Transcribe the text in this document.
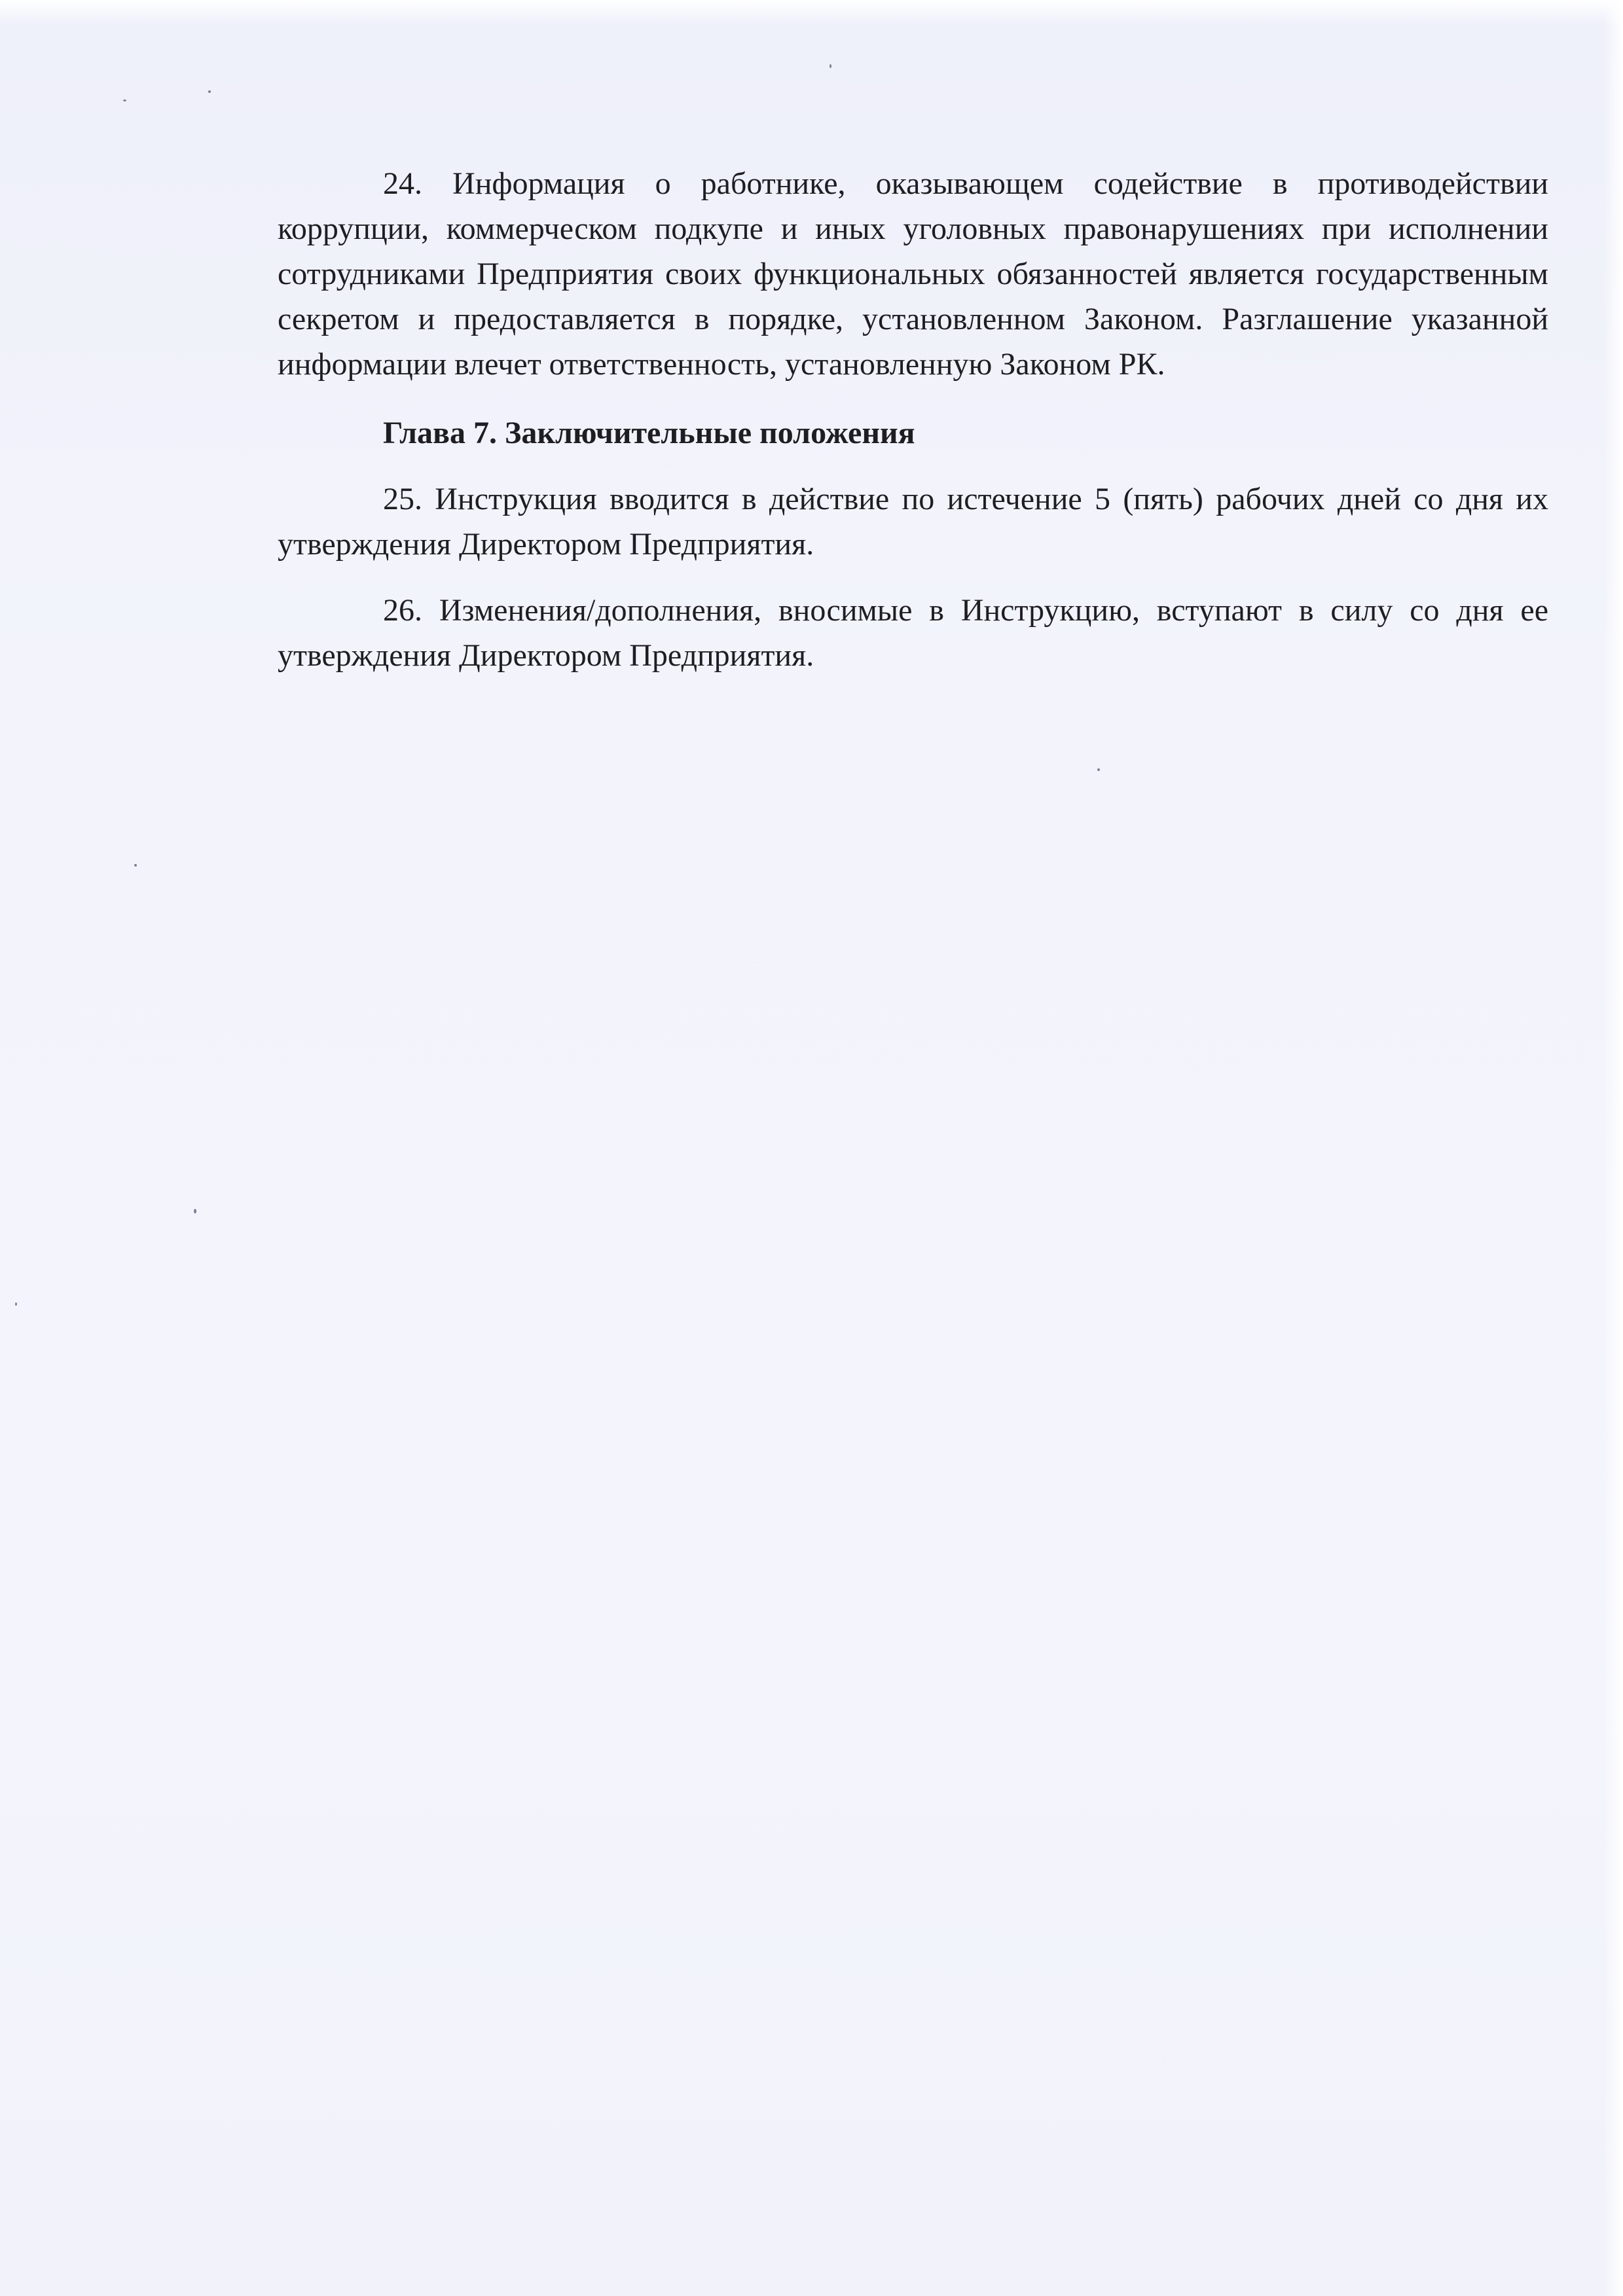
24. Информация о работнике, оказывающем содействие в противодействии коррупции, коммерческом подкупе и иных уголовных правонарушениях при исполнении сотрудниками Предприятия своих функциональных обязанностей является государственным секретом и предоставляется в порядке, установленном Законом. Разглашение указанной информации влечет ответственность, установленную Законом РК.

Глава 7. Заключительные положения

25. Инструкция вводится в действие по истечение 5 (пять) рабочих дней со дня их утверждения Директором Предприятия.

26. Изменения/дополнения, вносимые в Инструкцию, вступают в силу со дня ее утверждения Директором Предприятия.
